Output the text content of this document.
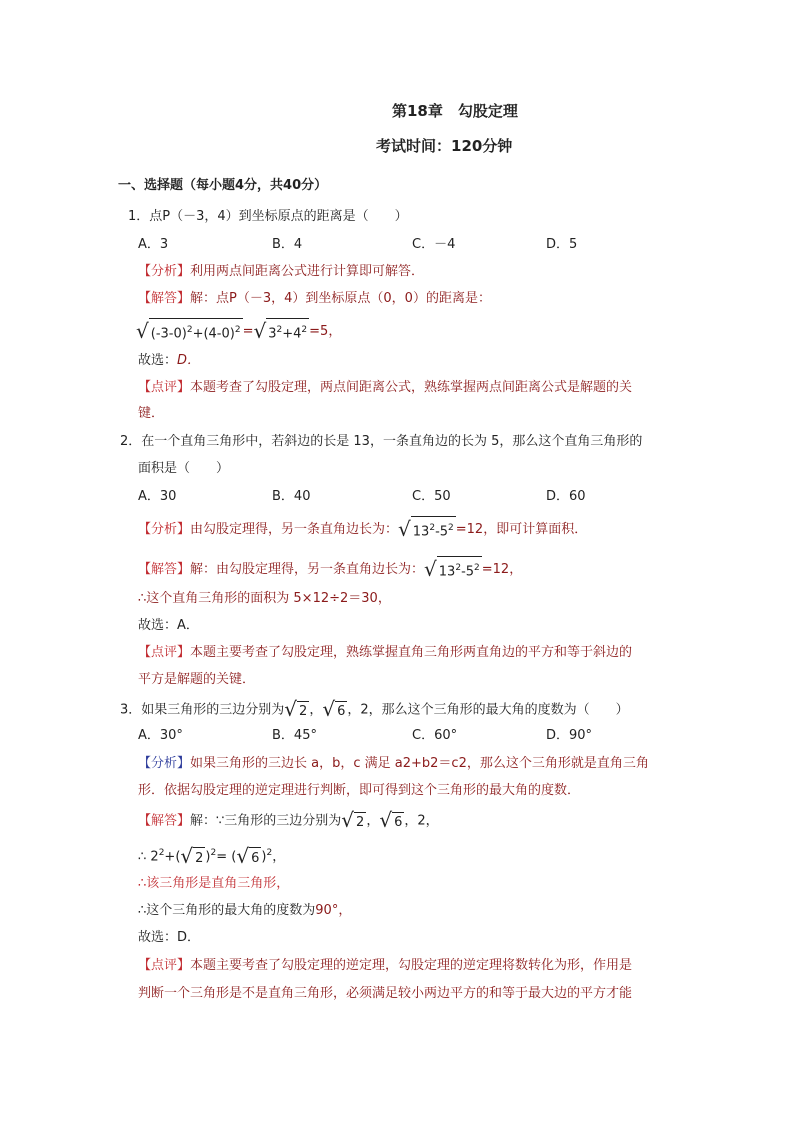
第18章　勾股定理
考试时间：120分钟
一、选择题（每小题4分，共40分）
1．点P（－3，4）到坐标原点的距离是（　　）
A．3	B．4	C．－4	D．5
【分析】利用两点间距离公式进行计算即可解答．
【解答】解：点P（－3，4）到坐标原点（0，0）的距离是：
√ $(-3-0)^2+(4-0)^2$ =√ $3^2+4^2 =5$，
故选：D．
【点评】本题考查了勾股定理，两点间距离公式，熟练掌握两点间距离公式是解题的关
键．
2．在一个直角三角形中，若斜边的长是 13，一条直角边的长为 5，那么这个直角三角形的
面积是（　　）
A．30	B．40	C．50	D．60
【分析】由勾股定理得，另一条直角边长为：√ $13^2-5^2 =12$，即可计算面积．
【解答】解：由勾股定理得，另一条直角边长为：√ $13^2-5^2 =12$，
∴这个直角三角形的面积为 5×12÷2＝30，
故选：A．
【点评】本题主要考查了勾股定理，熟练掌握直角三角形两直角边的平方和等于斜边的
平方是解题的关键．
3．如果三角形的三边分别为√ 2 ，√ 6 ，2，那么这个三角形的最大角的度数为（　　）
A．30°	B．45°	C．60°	D．90°
【分析】如果三角形的三边长 a，b，c 满足 a2+b2＝c2，那么这个三角形就是直角三角
形．依据勾股定理的逆定理进行判断，即可得到这个三角形的最大角的度数．
【解答】解：∵三角形的三边分别为√ 2 ，√ 6 ，2，
∴ $2^2+(√$ 2 )$^2$= (√ 6 )$^2$，
∴该三角形是直角三角形，
∴这个三角形的最大角的度数为90°，
故选：D．
【点评】本题主要考查了勾股定理的逆定理，勾股定理的逆定理将数转化为形，作用是
判断一个三角形是不是直角三角形，必须满足较小两边平方的和等于最大边的平方才能
